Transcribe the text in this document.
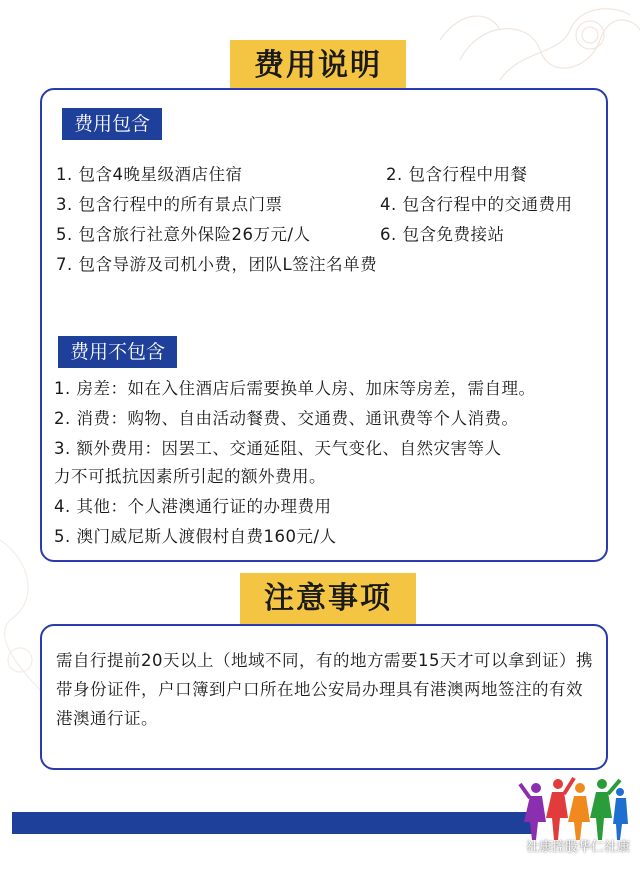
费用说明
费用包含
1. 包含4晚星级酒店住宿	2. 包含行程中用餐
3. 包含行程中的所有景点门票	4. 包含行程中的交通费用
5. 包含旅行社意外保险26万元/人	6. 包含免费接站
7. 包含导游及司机小费，团队L签注名单费
费用不包含
1. 房差：如在入住酒店后需要换单人房、加床等房差，需自理。
2. 消费：购物、自由活动餐费、交通费、通讯费等个人消费。
3. 额外费用：因罢工、交通延阻、天气变化、自然灾害等人
力不可抵抗因素所引起的额外费用。
4. 其他：个人港澳通行证的办理费用
5. 澳门威尼斯人渡假村自费160元/人
注意事项
需自行提前20天以上（地域不同，有的地方需要15天才可以拿到证）携带身份证件，户口簿到户口所在地公安局办理具有港澳两地签注的有效港澳通行证。
社康控股华仁社康
